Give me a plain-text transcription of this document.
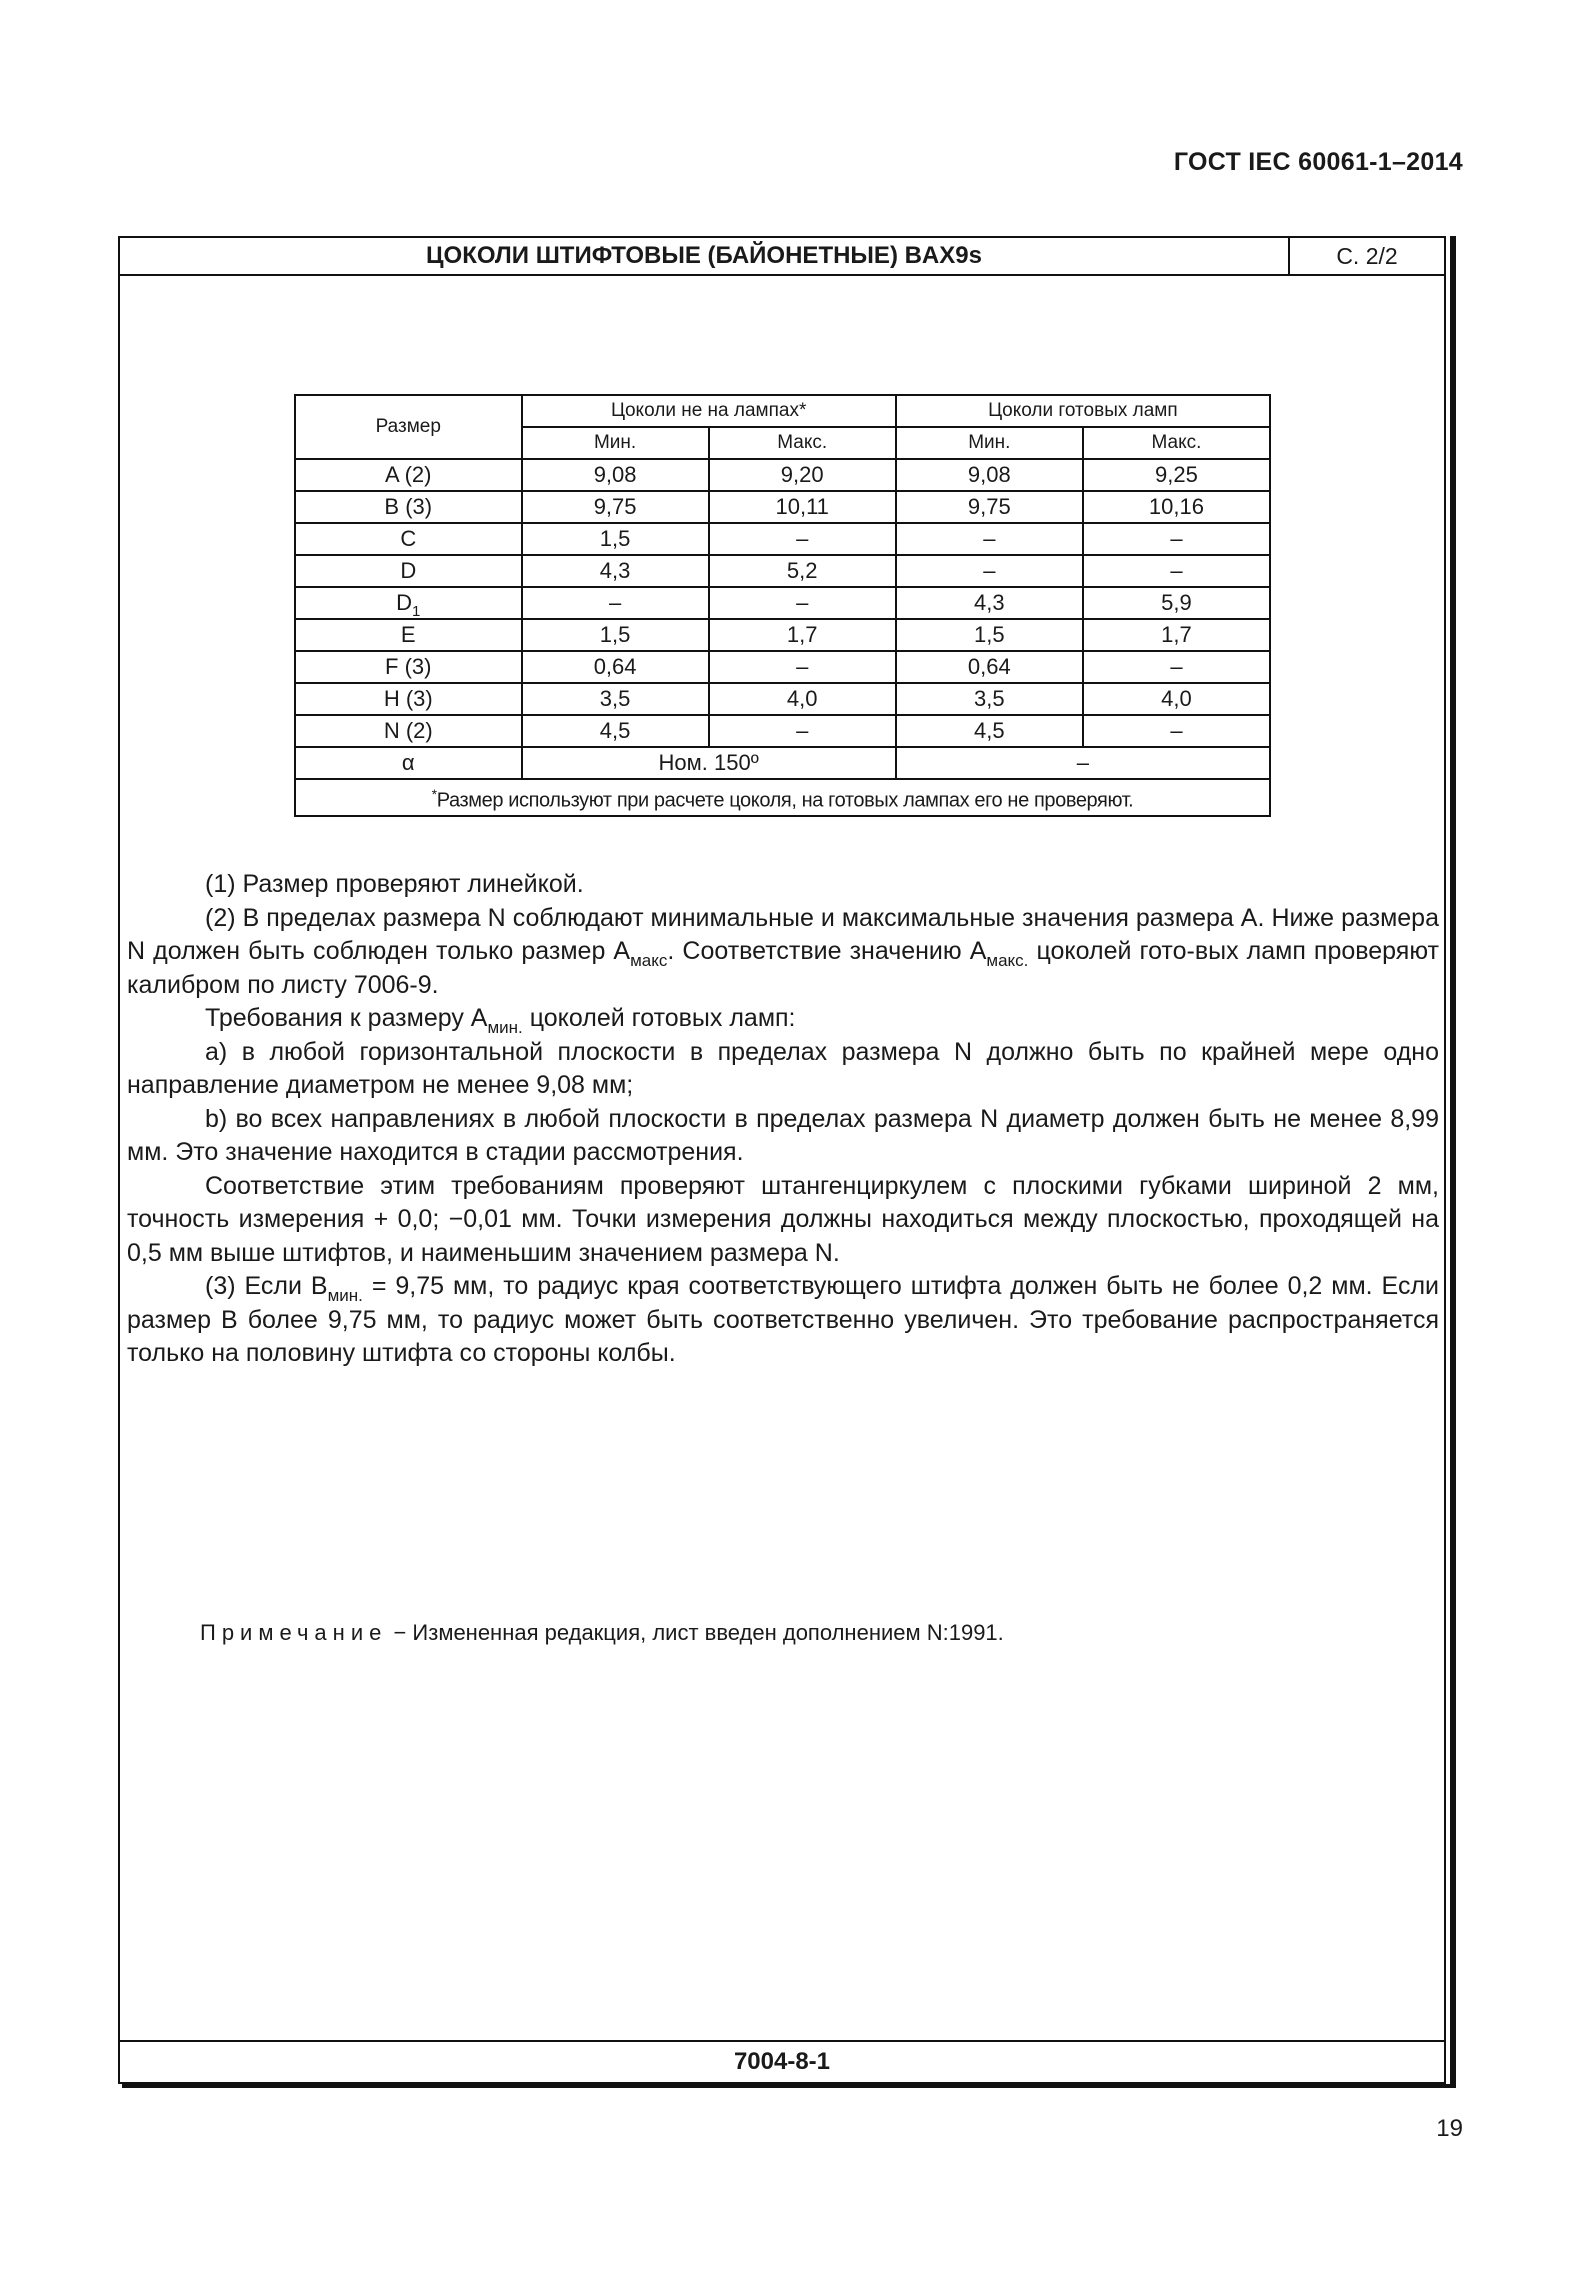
ГОСТ IEC 60061-1–2014
ЦОКОЛИ ШТИФТОВЫЕ (БАЙОНЕТНЫЕ) BAX9s	С. 2/2
Размер	Цоколи не на лампах*		Цоколи готовых ламп	
	Мин.	Макс.	Мин.	Макс.
A (2)	9,08	9,20	9,08	9,25
B (3)	9,75	10,11	9,75	10,16
C	1,5	–	–	–
D	4,3	5,2	–	–
$D_1$	–	–	4,3	5,9
E	1,5	1,7	1,5	1,7
F (3)	0,64	–	0,64	–
H (3)	3,5	4,0	3,5	4,0
N (2)	4,5	–	4,5	–
α	Ном. 150º		–	
*Размер используют при расчете цоколя, на готовых лампах его не проверяют.				

(1) Размер проверяют линейкой.

(2) В пределах размера N соблюдают минимальные и максимальные значения размера A. Ниже размера N должен быть соблюден только размер $A_{макс}$. Соответствие значению $A_{макс.}$ цоколей гото-вых ламп проверяют калибром по листу 7006-9.

Требования к размеру $A_{мин.}$ цоколей готовых ламп:

a) в любой горизонтальной плоскости в пределах размера N должно быть по крайней мере одно направление диаметром не менее 9,08 мм;

b) во всех направлениях в любой плоскости в пределах размера N диаметр должен быть не менее 8,99 мм. Это значение находится в стадии рассмотрения.

Соответствие этим требованиям проверяют штангенциркулем с плоскими губками шириной 2 мм, точность измерения + 0,0; −0,01 мм. Точки измерения должны находиться между плоскостью, проходящей на 0,5 мм выше штифтов, и наименьшим значением размера N.

(3) Если $B_{мин.} = 9,75$ мм, то радиус края соответствующего штифта должен быть не более 0,2 мм. Если размер B более 9,75 мм, то радиус может быть соответственно увеличен. Это требование распространяется только на половину штифта со стороны колбы.

Примечание − Измененная редакция, лист введен дополнением N:1991.
7004-8-1
19
